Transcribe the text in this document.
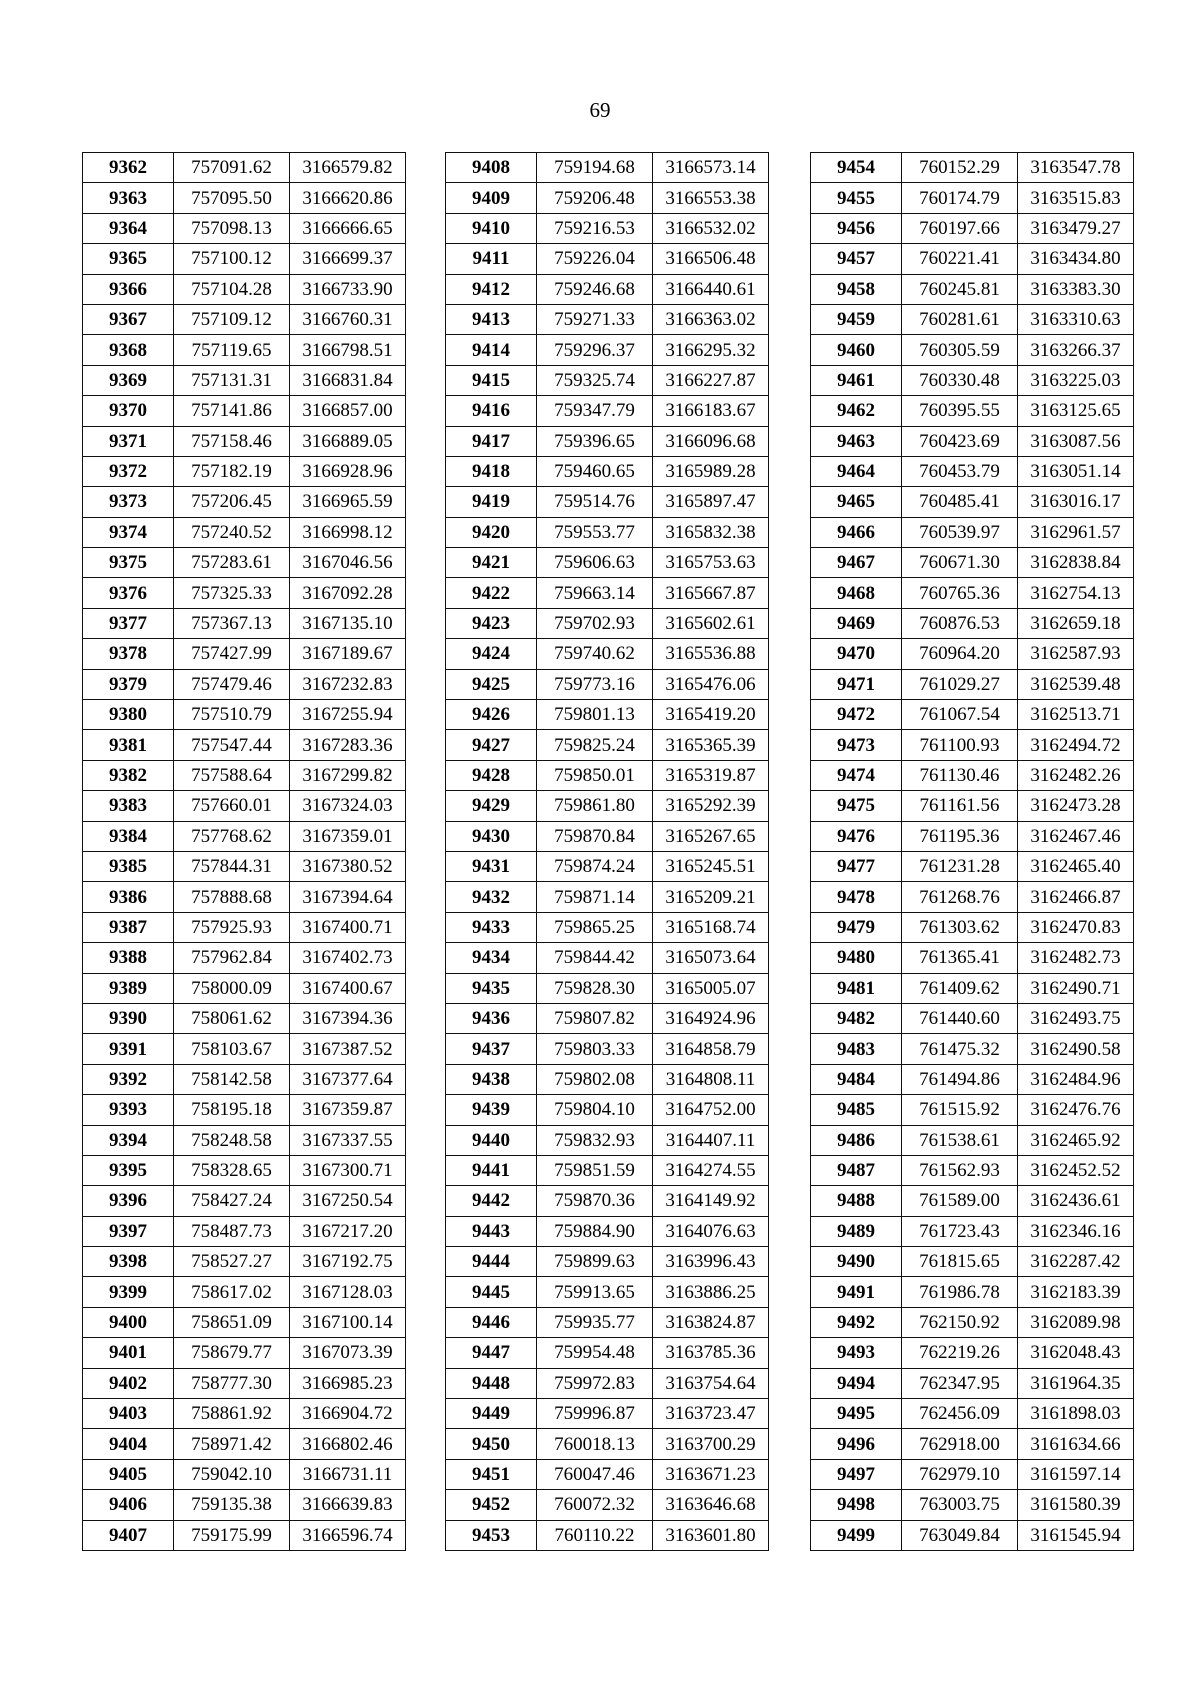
69
9362	757091.62	3166579.82
9363	757095.50	3166620.86
9364	757098.13	3166666.65
9365	757100.12	3166699.37
9366	757104.28	3166733.90
9367	757109.12	3166760.31
9368	757119.65	3166798.51
9369	757131.31	3166831.84
9370	757141.86	3166857.00
9371	757158.46	3166889.05
9372	757182.19	3166928.96
9373	757206.45	3166965.59
9374	757240.52	3166998.12
9375	757283.61	3167046.56
9376	757325.33	3167092.28
9377	757367.13	3167135.10
9378	757427.99	3167189.67
9379	757479.46	3167232.83
9380	757510.79	3167255.94
9381	757547.44	3167283.36
9382	757588.64	3167299.82
9383	757660.01	3167324.03
9384	757768.62	3167359.01
9385	757844.31	3167380.52
9386	757888.68	3167394.64
9387	757925.93	3167400.71
9388	757962.84	3167402.73
9389	758000.09	3167400.67
9390	758061.62	3167394.36
9391	758103.67	3167387.52
9392	758142.58	3167377.64
9393	758195.18	3167359.87
9394	758248.58	3167337.55
9395	758328.65	3167300.71
9396	758427.24	3167250.54
9397	758487.73	3167217.20
9398	758527.27	3167192.75
9399	758617.02	3167128.03
9400	758651.09	3167100.14
9401	758679.77	3167073.39
9402	758777.30	3166985.23
9403	758861.92	3166904.72
9404	758971.42	3166802.46
9405	759042.10	3166731.11
9406	759135.38	3166639.83
9407	759175.99	3166596.74
9408	759194.68	3166573.14
9409	759206.48	3166553.38
9410	759216.53	3166532.02
9411	759226.04	3166506.48
9412	759246.68	3166440.61
9413	759271.33	3166363.02
9414	759296.37	3166295.32
9415	759325.74	3166227.87
9416	759347.79	3166183.67
9417	759396.65	3166096.68
9418	759460.65	3165989.28
9419	759514.76	3165897.47
9420	759553.77	3165832.38
9421	759606.63	3165753.63
9422	759663.14	3165667.87
9423	759702.93	3165602.61
9424	759740.62	3165536.88
9425	759773.16	3165476.06
9426	759801.13	3165419.20
9427	759825.24	3165365.39
9428	759850.01	3165319.87
9429	759861.80	3165292.39
9430	759870.84	3165267.65
9431	759874.24	3165245.51
9432	759871.14	3165209.21
9433	759865.25	3165168.74
9434	759844.42	3165073.64
9435	759828.30	3165005.07
9436	759807.82	3164924.96
9437	759803.33	3164858.79
9438	759802.08	3164808.11
9439	759804.10	3164752.00
9440	759832.93	3164407.11
9441	759851.59	3164274.55
9442	759870.36	3164149.92
9443	759884.90	3164076.63
9444	759899.63	3163996.43
9445	759913.65	3163886.25
9446	759935.77	3163824.87
9447	759954.48	3163785.36
9448	759972.83	3163754.64
9449	759996.87	3163723.47
9450	760018.13	3163700.29
9451	760047.46	3163671.23
9452	760072.32	3163646.68
9453	760110.22	3163601.80
9454	760152.29	3163547.78
9455	760174.79	3163515.83
9456	760197.66	3163479.27
9457	760221.41	3163434.80
9458	760245.81	3163383.30
9459	760281.61	3163310.63
9460	760305.59	3163266.37
9461	760330.48	3163225.03
9462	760395.55	3163125.65
9463	760423.69	3163087.56
9464	760453.79	3163051.14
9465	760485.41	3163016.17
9466	760539.97	3162961.57
9467	760671.30	3162838.84
9468	760765.36	3162754.13
9469	760876.53	3162659.18
9470	760964.20	3162587.93
9471	761029.27	3162539.48
9472	761067.54	3162513.71
9473	761100.93	3162494.72
9474	761130.46	3162482.26
9475	761161.56	3162473.28
9476	761195.36	3162467.46
9477	761231.28	3162465.40
9478	761268.76	3162466.87
9479	761303.62	3162470.83
9480	761365.41	3162482.73
9481	761409.62	3162490.71
9482	761440.60	3162493.75
9483	761475.32	3162490.58
9484	761494.86	3162484.96
9485	761515.92	3162476.76
9486	761538.61	3162465.92
9487	761562.93	3162452.52
9488	761589.00	3162436.61
9489	761723.43	3162346.16
9490	761815.65	3162287.42
9491	761986.78	3162183.39
9492	762150.92	3162089.98
9493	762219.26	3162048.43
9494	762347.95	3161964.35
9495	762456.09	3161898.03
9496	762918.00	3161634.66
9497	762979.10	3161597.14
9498	763003.75	3161580.39
9499	763049.84	3161545.94
